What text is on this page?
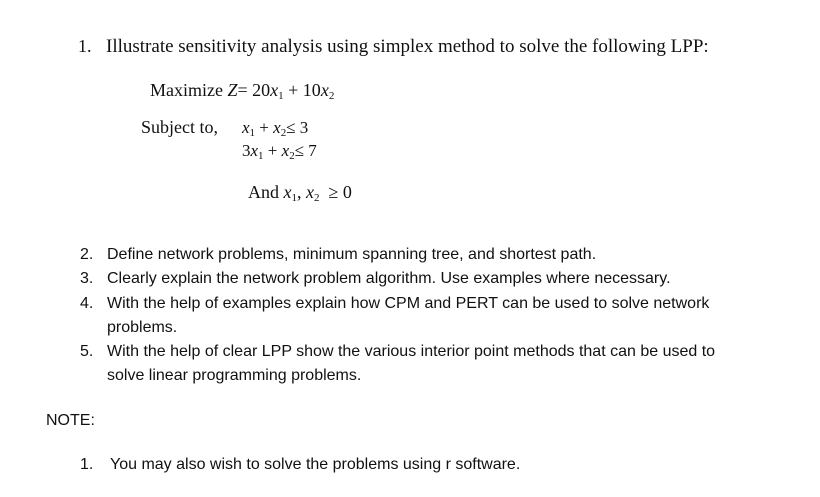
1. Illustrate sensitivity analysis using simplex method to solve the following LPP:
Maximize $Z= 20x_1 + 10x_2$
Subject to, $x_1 + x_2\le 3$
$3x_1 + x_2\le 7$
And $x_1$, $x_2 \ge 0$
2. Define network problems, minimum spanning tree, and shortest path.
3. Clearly explain the network problem algorithm. Use examples where necessary.
4. With the help of examples explain how CPM and PERT can be used to solve network
problems.
5. With the help of clear LPP show the various interior point methods that can be used to
solve linear programming problems.
NOTE:
1. You may also wish to solve the problems using r software.
